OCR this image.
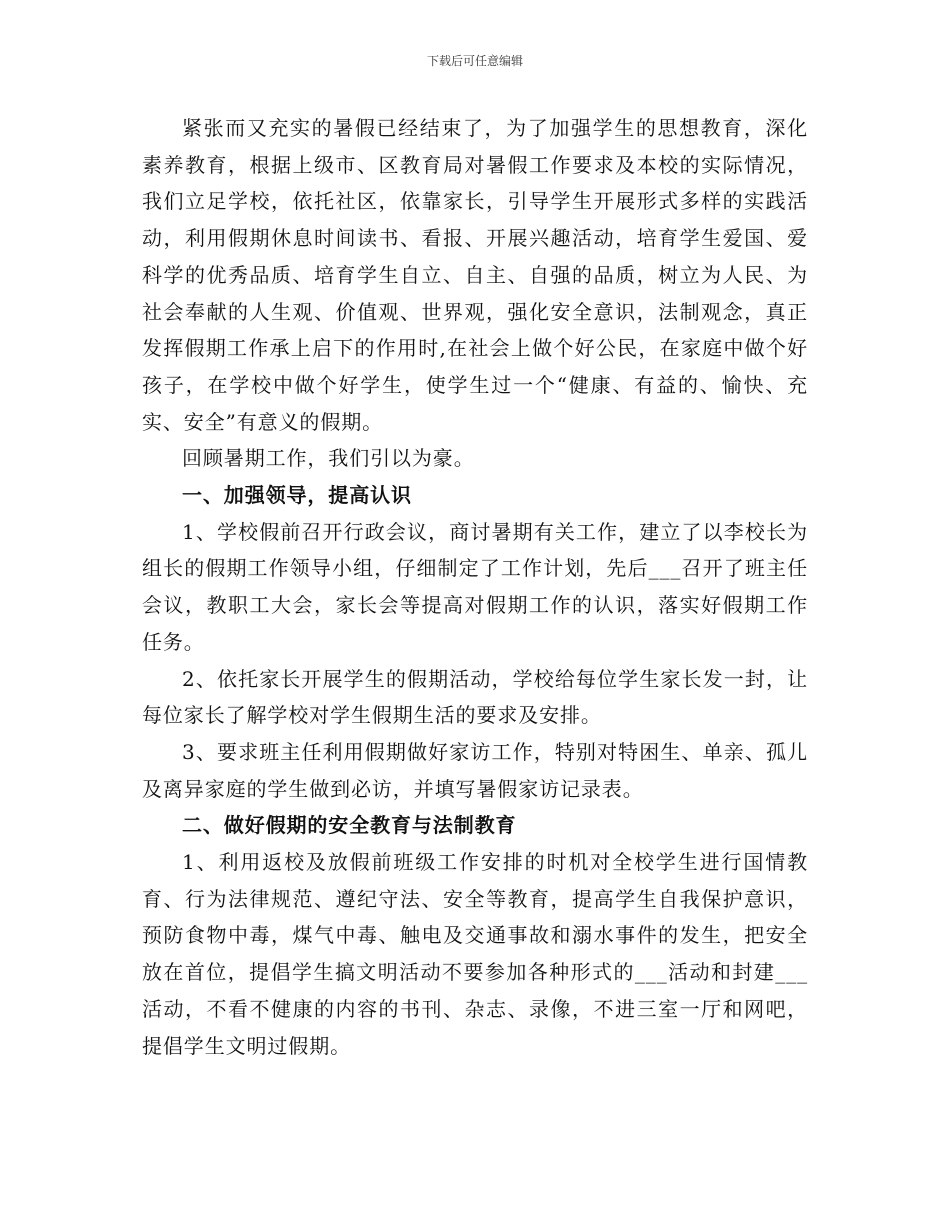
下载后可任意编辑

紧张而又充实的暑假已经结束了，为了加强学生的思想教育，深化素养教育，根据上级市、区教育局对暑假工作要求及本校的实际情况，我们立足学校，依托社区，依靠家长，引导学生开展形式多样的实践活动，利用假期休息时间读书、看报、开展兴趣活动，培育学生爱国、爱科学的优秀品质、培育学生自立、自主、自强的品质，树立为人民、为社会奉献的人生观、价值观、世界观，强化安全意识，法制观念，真正发挥假期工作承上启下的作用时,在社会上做个好公民，在家庭中做个好孩子，在学校中做个好学生，使学生过一个“健康、有益的、愉快、充实、安全”有意义的假期。

回顾暑期工作，我们引以为豪。

一、加强领导，提高认识

1、学校假前召开行政会议，商讨暑期有关工作，建立了以李校长为组长的假期工作领导小组，仔细制定了工作计划，先后___召开了班主任会议，教职工大会，家长会等提高对假期工作的认识，落实好假期工作任务。

2、依托家长开展学生的假期活动，学校给每位学生家长发一封，让每位家长了解学校对学生假期生活的要求及安排。

3、要求班主任利用假期做好家访工作，特别对特困生、单亲、孤儿及离异家庭的学生做到必访，并填写暑假家访记录表。

二、做好假期的安全教育与法制教育

1、利用返校及放假前班级工作安排的时机对全校学生进行国情教育、行为法律规范、遵纪守法、安全等教育，提高学生自我保护意识，预防食物中毒，煤气中毒、触电及交通事故和溺水事件的发生，把安全放在首位，提倡学生搞文明活动不要参加各种形式的___活动和封建___活动，不看不健康的内容的书刊、杂志、录像，不进三室一厅和网吧，提倡学生文明过假期。
